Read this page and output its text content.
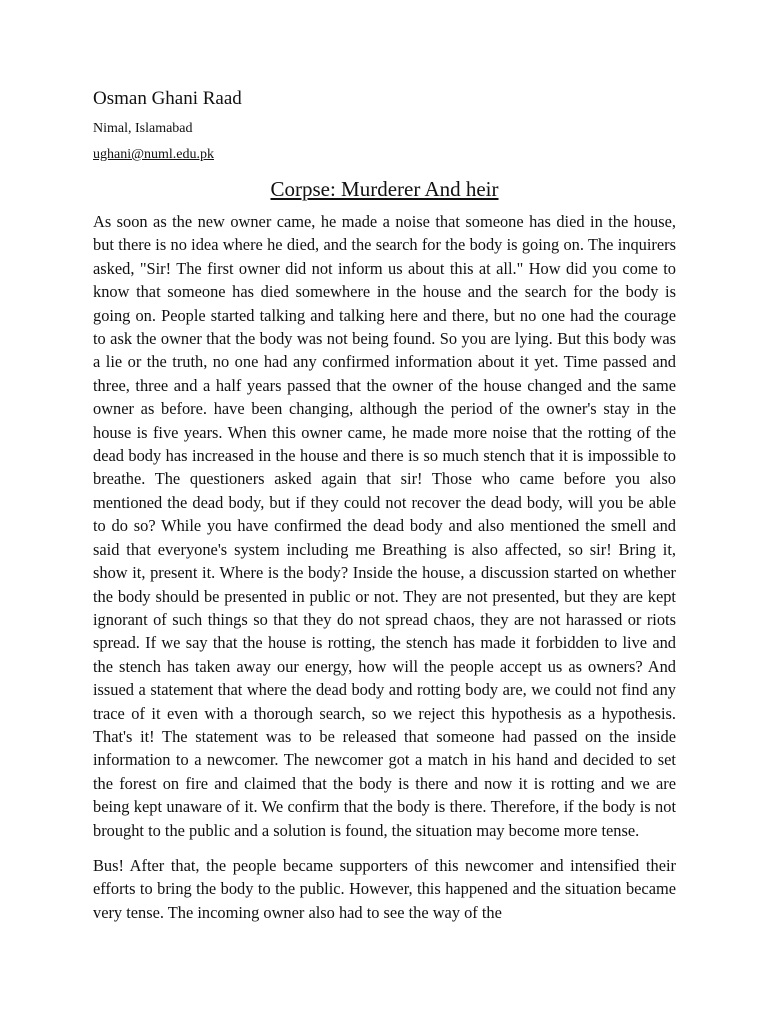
Osman Ghani Raad
Nimal, Islamabad
ughani@numl.edu.pk
Corpse: Murderer And heir

As soon as the new owner came, he made a noise that someone has died in the house, but there is no idea where he died, and the search for the body is going on. The inquirers asked, "Sir! The first owner did not inform us about this at all." How did you come to know that someone has died somewhere in the house and the search for the body is going on. People started talking and talking here and there, but no one had the courage to ask the owner that the body was not being found. So you are lying. But this body was a lie or the truth, no one had any confirmed information about it yet. Time passed and three, three and a half years passed that the owner of the house changed and the same owner as before. have been changing, although the period of the owner's stay in the house is five years. When this owner came, he made more noise that the rotting of the dead body has increased in the house and there is so much stench that it is impossible to breathe. The questioners asked again that sir! Those who came before you also mentioned the dead body, but if they could not recover the dead body, will you be able to do so? While you have confirmed the dead body and also mentioned the smell and said that everyone's system including me Breathing is also affected, so sir! Bring it, show it, present it. Where is the body? Inside the house, a discussion started on whether the body should be presented in public or not. They are not presented, but they are kept ignorant of such things so that they do not spread chaos, they are not harassed or riots spread. If we say that the house is rotting, the stench has made it forbidden to live and the stench has taken away our energy, how will the people accept us as owners? And issued a statement that where the dead body and rotting body are, we could not find any trace of it even with a thorough search, so we reject this hypothesis as a hypothesis. That's it! The statement was to be released that someone had passed on the inside information to a newcomer. The newcomer got a match in his hand and decided to set the forest on fire and claimed that the body is there and now it is rotting and we are being kept unaware of it. We confirm that the body is there. Therefore, if the body is not brought to the public and a solution is found, the situation may become more tense.

Bus! After that, the people became supporters of this newcomer and intensified their efforts to bring the body to the public. However, this happened and the situation became very tense. The incoming owner also had to see the way of the
